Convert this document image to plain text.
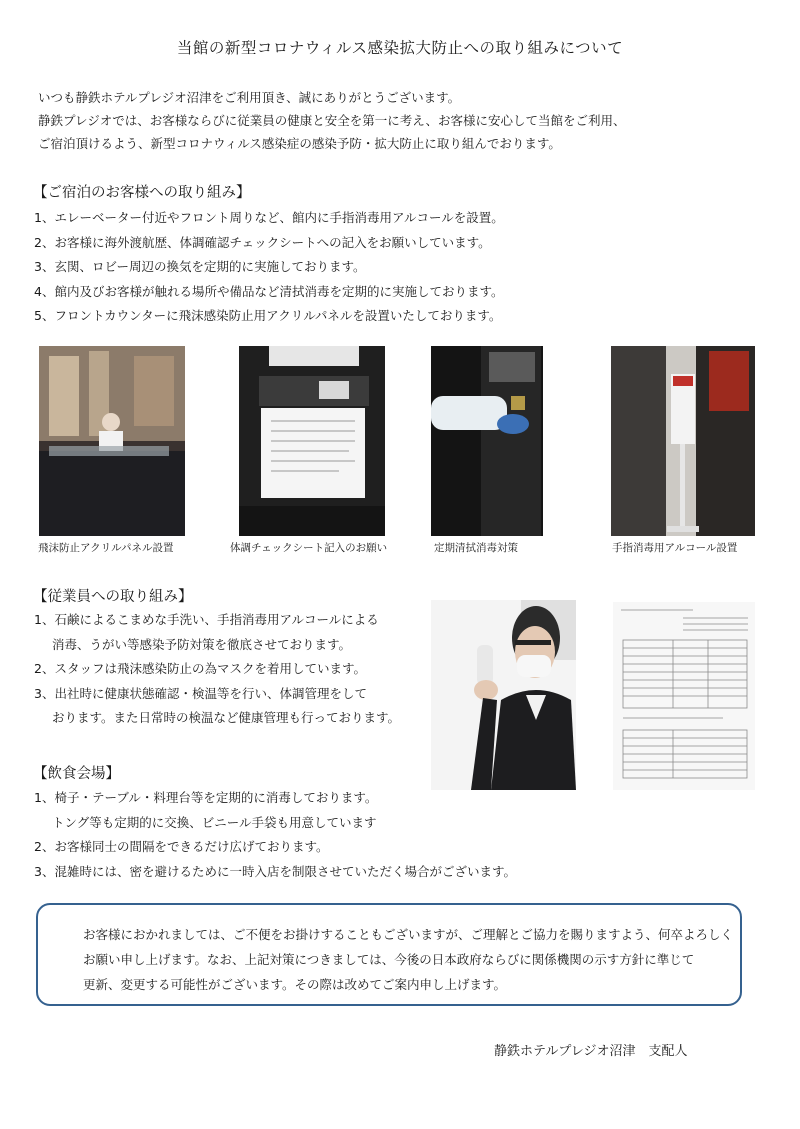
当館の新型コロナウィルス感染拡大防止への取り組みについて

いつも静鉄ホテルプレジオ沼津をご利用頂き、誠にありがとうございます。

静鉄プレジオでは、お客様ならびに従業員の健康と安全を第一に考え、お客様に安心して当館をご利用、

ご宿泊頂けるよう、新型コロナウィルス感染症の感染予防・拡大防止に取り組んでおります。

【ご宿泊のお客様への取り組み】

1、エレーベーター付近やフロント周りなど、館内に手指消毒用アルコールを設置。

2、お客様に海外渡航歴、体調確認チェックシートへの記入をお願いしています。

3、玄関、ロビー周辺の換気を定期的に実施しております。

4、館内及びお客様が触れる場所や備品など清拭消毒を定期的に実施しております。

5、フロントカウンターに飛沫感染防止用アクリルパネルを設置いたしております。

飛沫防止アクリルパネル設置	体調チェックシート記入のお願い	定期清拭消毒対策	手指消毒用アルコール設置
【従業員への取り組み】

1、石鹸によるこまめな手洗い、手指消毒用アルコールによる

消毒、うがい等感染予防対策を徹底させております。

2、スタッフは飛沫感染防止の為マスクを着用しています。

3、出社時に健康状態確認・検温等を行い、体調管理をして

おります。また日常時の検温など健康管理も行っております。

【飲食会場】

1、椅子・テーブル・料理台等を定期的に消毒しております。

トング等も定期的に交換、ビニール手袋も用意しています

2、お客様同士の間隔をできるだけ広げております。

3、混雑時には、密を避けるために一時入店を制限させていただく場合がございます。

お客様におかれましては、ご不便をお掛けすることもございますが、ご理解とご協力を賜りますよう、何卒よろしく

お願い申し上げます。なお、上記対策につきましては、今後の日本政府ならびに関係機関の示す方針に準じて

更新、変更する可能性がございます。その際は改めてご案内申し上げます。

静鉄ホテルプレジオ沼津　支配人
